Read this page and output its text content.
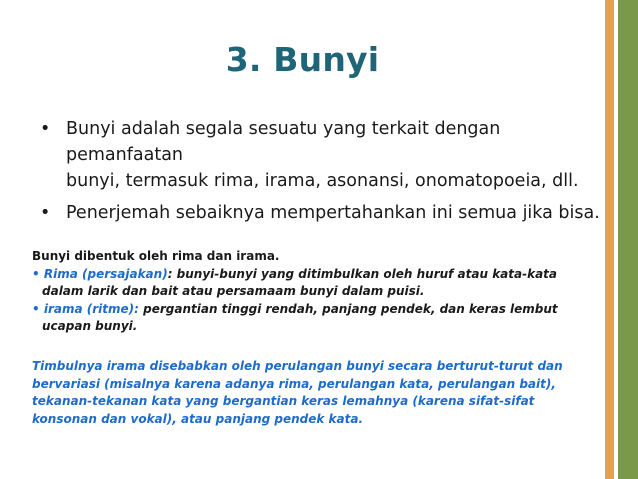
3. Bunyi
• Bunyi adalah segala sesuatu yang terkait dengan pemanfaatan
bunyi, termasuk rima, irama, asonansi, onomatopoeia, dll.
• Penerjemah sebaiknya mempertahankan ini semua jika bisa.
Bunyi dibentuk oleh rima dan irama.
• Rima (persajakan): bunyi-bunyi yang ditimbulkan oleh huruf atau kata-kata
dalam larik dan bait atau persamaam bunyi dalam puisi.
• irama (ritme): pergantian tinggi rendah, panjang pendek, dan keras lembut
ucapan bunyi.
Timbulnya irama disebabkan oleh perulangan bunyi secara berturut-turut dan
bervariasi (misalnya karena adanya rima, perulangan kata, perulangan bait),
tekanan-tekanan kata yang bergantian keras lemahnya (karena sifat-sifat
konsonan dan vokal), atau panjang pendek kata.
